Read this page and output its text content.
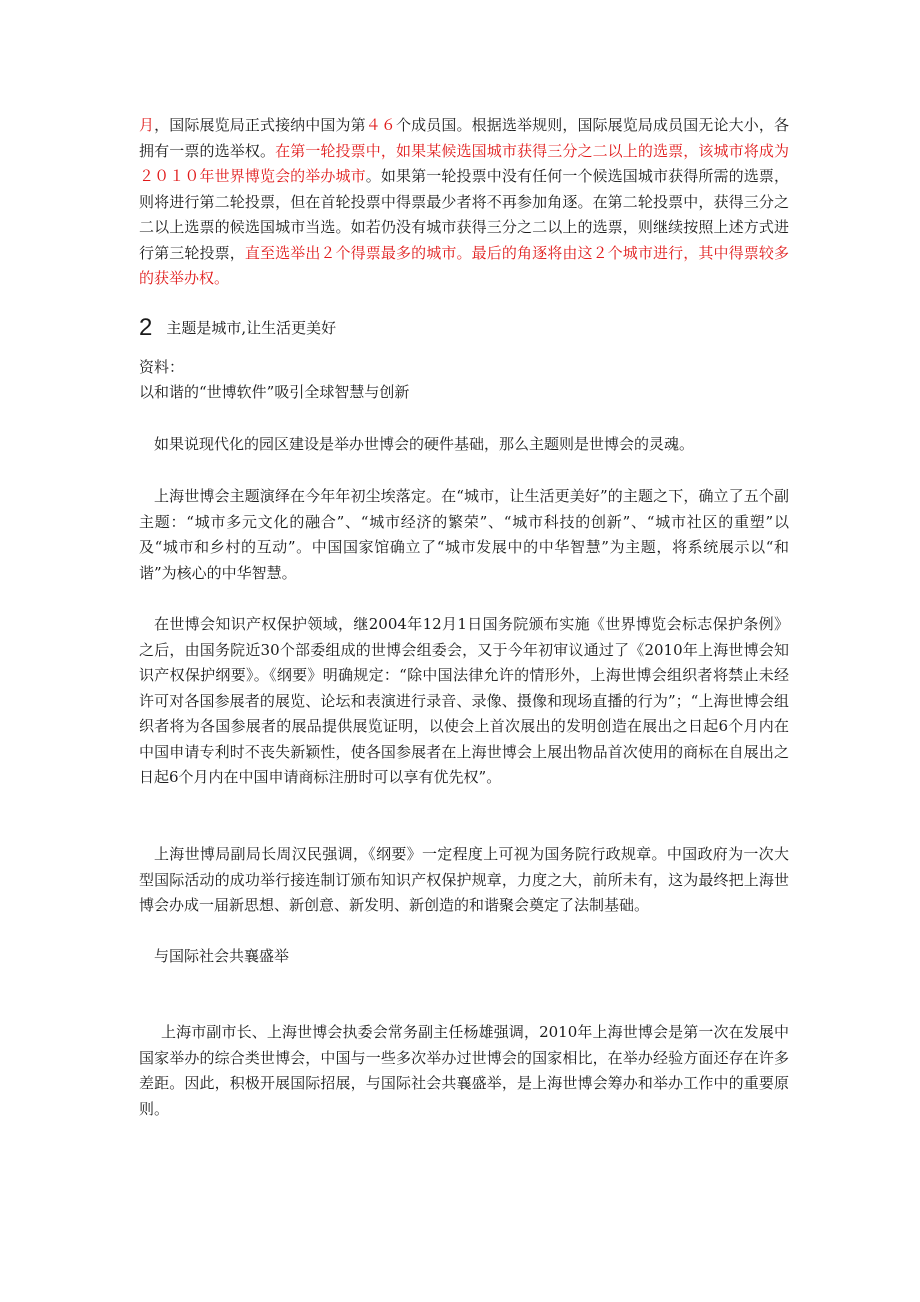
月，国际展览局正式接纳中国为第４６个成员国。根据选举规则，国际展览局成员国无论大小，各拥有一票的选举权。在第一轮投票中，如果某候选国城市获得三分之二以上的选票，该城市将成为２０１０年世界博览会的举办城市。如果第一轮投票中没有任何一个候选国城市获得所需的选票，则将进行第二轮投票，但在首轮投票中得票最少者将不再参加角逐。在第二轮投票中，获得三分之二以上选票的候选国城市当选。如若仍没有城市获得三分之二以上的选票，则继续按照上述方式进行第三轮投票，直至选举出２个得票最多的城市。最后的角逐将由这２个城市进行，其中得票较多的获举办权。

2 主题是城市,让生活更美好

资料：

以和谐的“世博软件”吸引全球智慧与创新

如果说现代化的园区建设是举办世博会的硬件基础，那么主题则是世博会的灵魂。

上海世博会主题演绎在今年年初尘埃落定。在“城市，让生活更美好”的主题之下，确立了五个副主题：“城市多元文化的融合”、“城市经济的繁荣”、“城市科技的创新”、“城市社区的重塑”以及“城市和乡村的互动”。中国国家馆确立了“城市发展中的中华智慧”为主题，将系统展示以“和谐”为核心的中华智慧。

在世博会知识产权保护领域，继2004年12月1日国务院颁布实施《世界博览会标志保护条例》之后，由国务院近30个部委组成的世博会组委会，又于今年初审议通过了《2010年上海世博会知识产权保护纲要》。《纲要》明确规定：“除中国法律允许的情形外，上海世博会组织者将禁止未经许可对各国参展者的展览、论坛和表演进行录音、录像、摄像和现场直播的行为”；“上海世博会组织者将为各国参展者的展品提供展览证明，以使会上首次展出的发明创造在展出之日起6个月内在中国申请专利时不丧失新颖性，使各国参展者在上海世博会上展出物品首次使用的商标在自展出之日起6个月内在中国申请商标注册时可以享有优先权”。

上海世博局副局长周汉民强调，《纲要》一定程度上可视为国务院行政规章。中国政府为一次大型国际活动的成功举行接连制订颁布知识产权保护规章，力度之大，前所未有，这为最终把上海世博会办成一届新思想、新创意、新发明、新创造的和谐聚会奠定了法制基础。

与国际社会共襄盛举

上海市副市长、上海世博会执委会常务副主任杨雄强调，2010年上海世博会是第一次在发展中国家举办的综合类世博会，中国与一些多次举办过世博会的国家相比，在举办经验方面还存在许多差距。因此，积极开展国际招展，与国际社会共襄盛举，是上海世博会筹办和举办工作中的重要原则。
